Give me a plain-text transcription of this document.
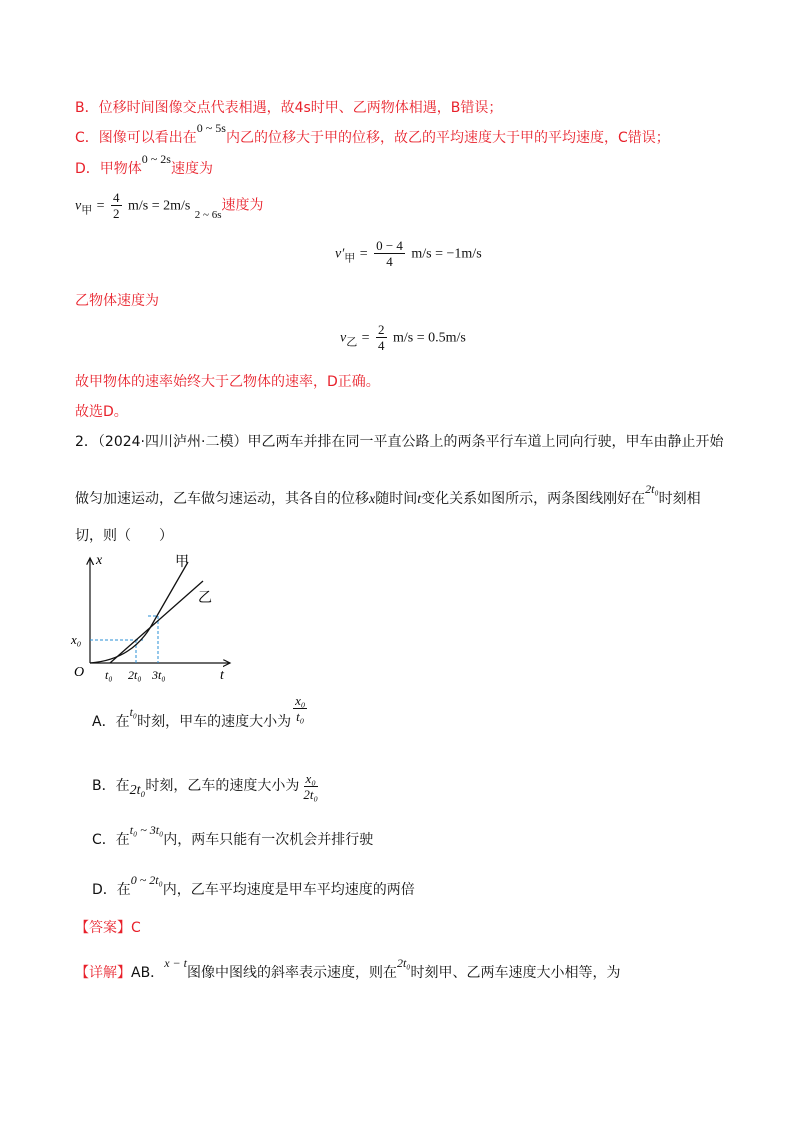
B．位移时间图像交点代表相遇，故4s时甲、乙两物体相遇，B错误；
C．图像可以看出在0 ~ 5s内乙的位移大于甲的位移，故乙的平均速度大于甲的平均速度，C错误；
D．甲物体0 ~ 2s速度为
$v_甲 = \frac{4}{2} m/s = 2m/s$ $_{2 \sim 6s}$速度为
$v'_甲 = \frac{0 - 4}{4} m/s = -1m/s$
乙物体速度为
$v_乙 = \frac{2}{4} m/s = 0.5m/s$
故甲物体的速率始终大于乙物体的速率，D正确。
故选D。
2．（2024·四川泸州·二模）甲乙两车并排在同一平直公路上的两条平行车道上同向行驶，甲车由静止开始
做匀加速运动，乙车做匀速运动，其各自的位移x随时间t变化关系如图所示，两条图线刚好在2t₀时刻相
切，则（　　）
x
t
O
甲
乙
x₀
t₀ 2t₀ 3t₀
A．在t₀时刻，甲车的速度大小为 $\frac{\text{x₀}}{\text{t₀}}$
B．在2t₀时刻，乙车的速度大小为 $\frac{\text{x₀}}{\text{2t₀}}$
C．在t₀ ~ 3t₀内，两车只能有一次机会并排行驶
D．在0 ~ 2t₀内，乙车平均速度是甲车平均速度的两倍
【答案】C
【详解】AB．x − t图像中图线的斜率表示速度，则在2t₀时刻甲、乙两车速度大小相等，为
